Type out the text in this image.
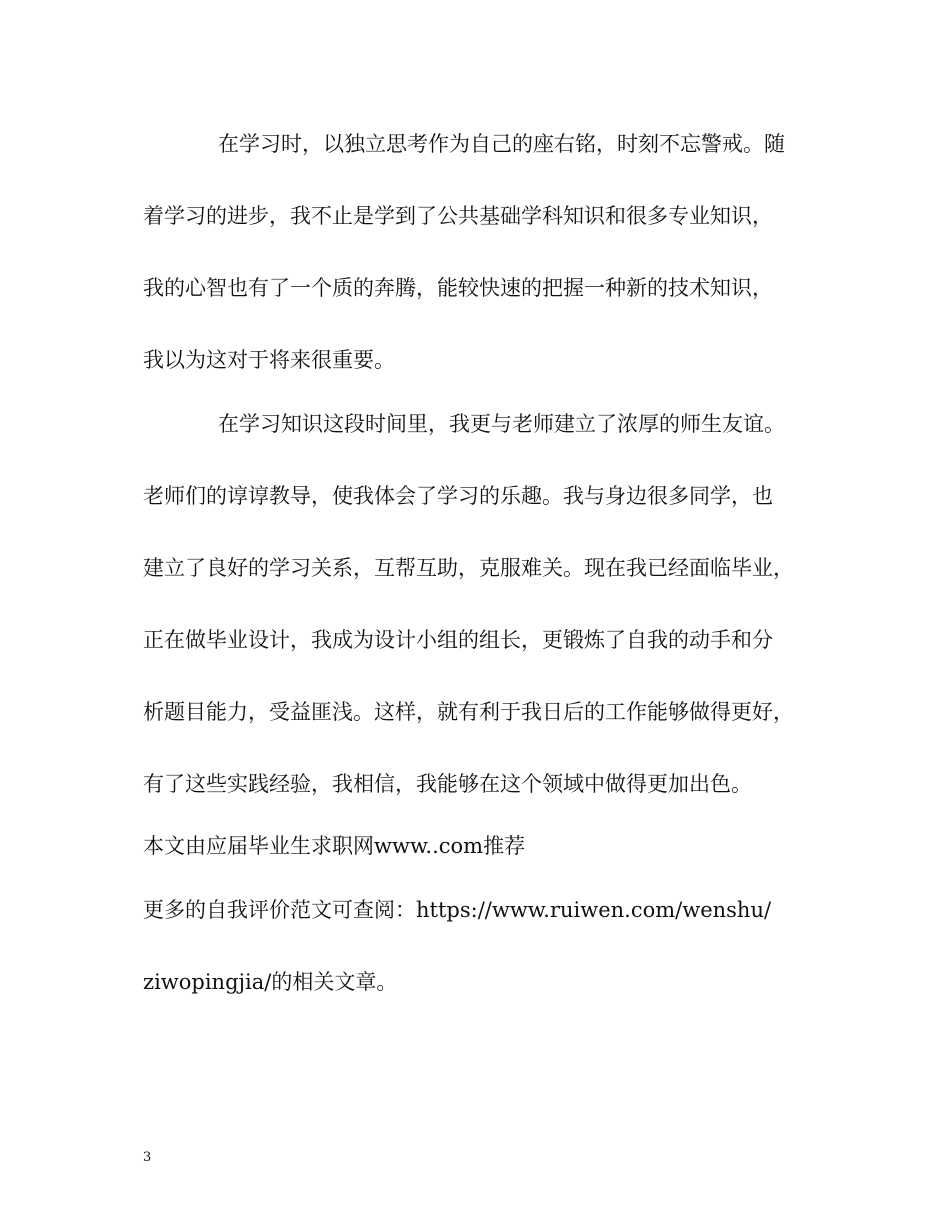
在学习时，以独立思考作为自己的座右铭，时刻不忘警戒。随
着学习的进步，我不止是学到了公共基础学科知识和很多专业知识，
我的心智也有了一个质的奔腾，能较快速的把握一种新的技术知识，
我以为这对于将来很重要。
在学习知识这段时间里，我更与老师建立了浓厚的师生友谊。
老师们的谆谆教导，使我体会了学习的乐趣。我与身边很多同学，也
建立了良好的学习关系，互帮互助，克服难关。现在我已经面临毕业，
正在做毕业设计，我成为设计小组的组长，更锻炼了自我的动手和分
析题目能力，受益匪浅。这样，就有利于我日后的工作能够做得更好，
有了这些实践经验，我相信，我能够在这个领域中做得更加出色。
本文由应届毕业生求职网www..com推荐
更多的自我评价范文可查阅：https://www.ruiwen.com/wenshu/
ziwopingjia/的相关文章。
3
